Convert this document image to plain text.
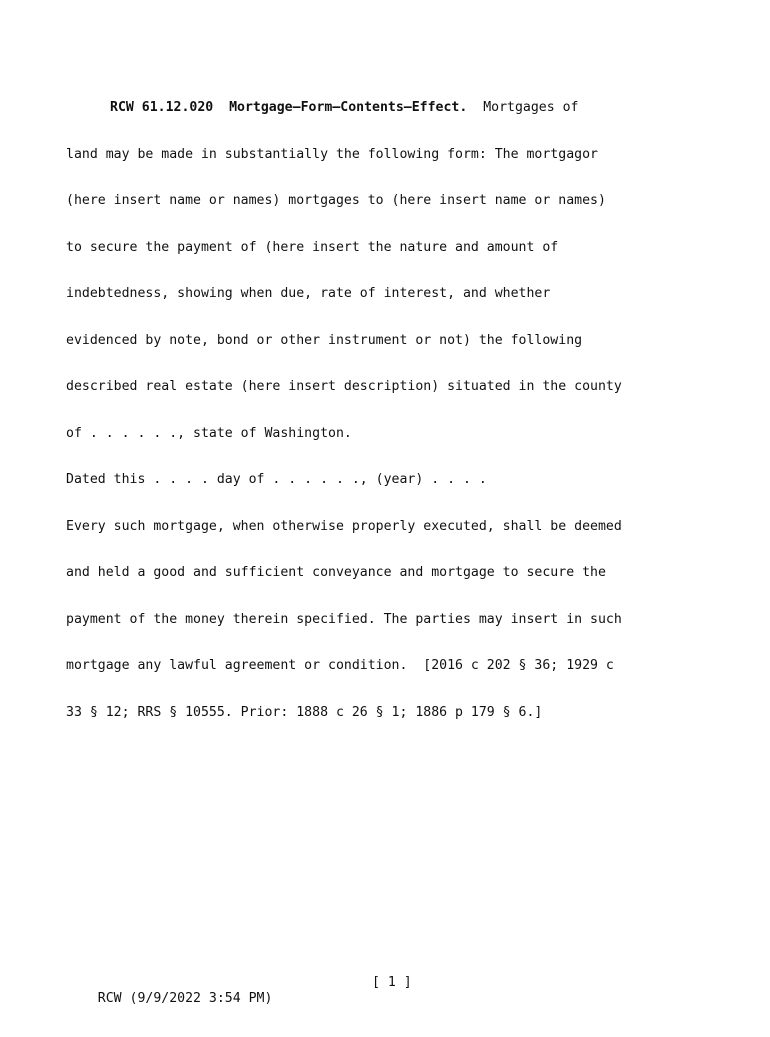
RCW 61.12.020 Mortgage—Form—Contents—Effect. Mortgages of

land may be made in substantially the following form: The mortgagor

(here insert name or names) mortgages to (here insert name or names)

to secure the payment of (here insert the nature and amount of

indebtedness, showing when due, rate of interest, and whether

evidenced by note, bond or other instrument or not) the following

described real estate (here insert description) situated in the county

of . . . . . ., state of Washington.

Dated this . . . . day of . . . . . ., (year) . . . .

Every such mortgage, when otherwise properly executed, shall be deemed

and held a good and sufficient conveyance and mortgage to secure the

payment of the money therein specified. The parties may insert in such

mortgage any lawful agreement or condition.  [2016 c 202 § 36; 1929 c

33 § 12; RRS § 10555. Prior: 1888 c 26 § 1; 1886 p 179 § 6.]

RCW (9/9/2022 3:54 PM)

[ 1 ]
